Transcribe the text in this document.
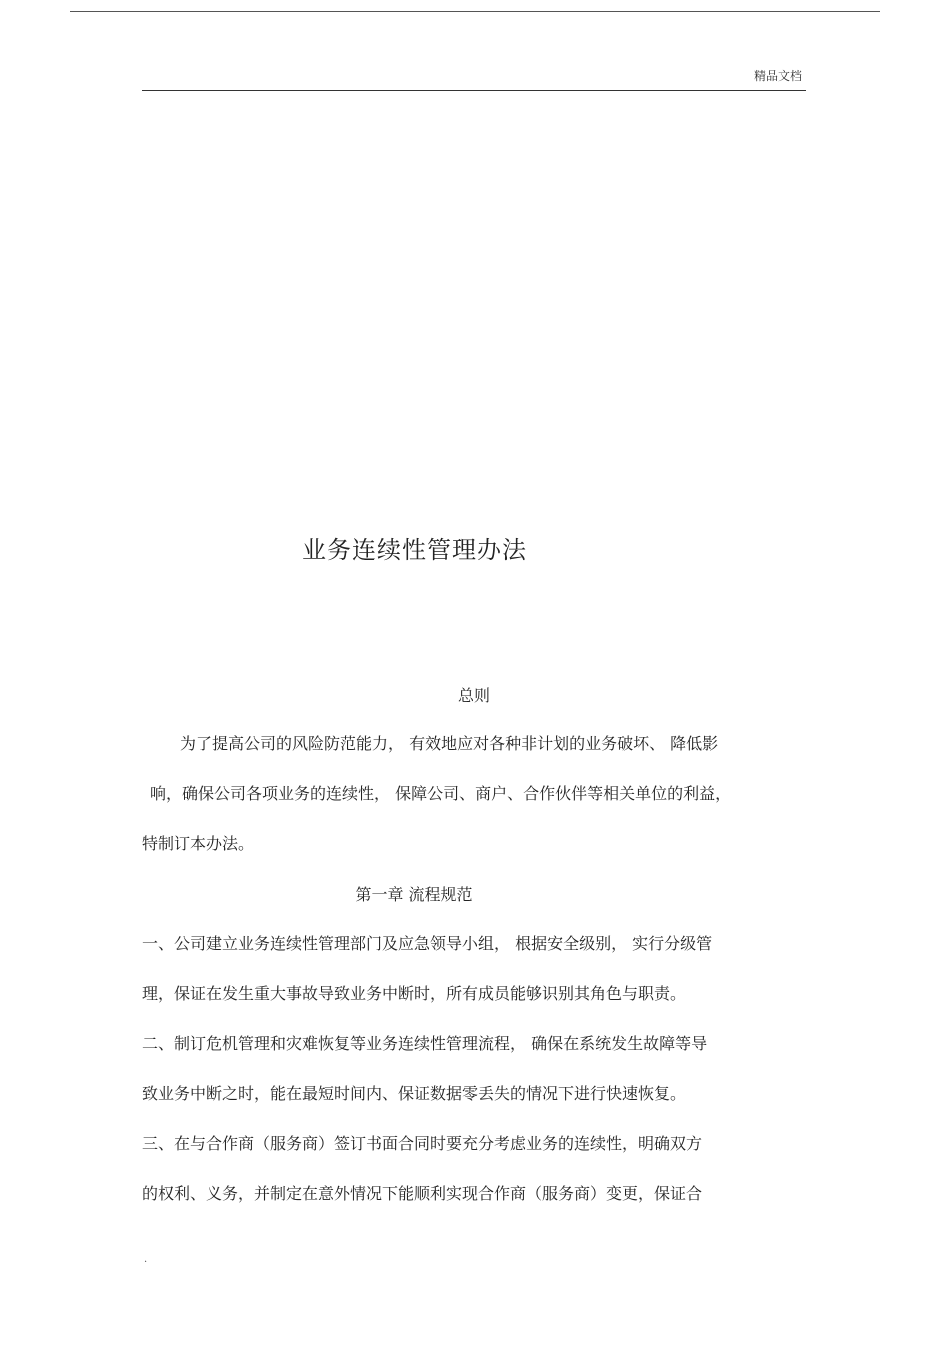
精品文档
业务连续性管理办法
总则
为了提高公司的风险防范能力， 有效地应对各种非计划的业务破坏、 降低影
响，确保公司各项业务的连续性， 保障公司、商户、合作伙伴等相关单位的利益，
特制订本办法。
第一章 流程规范
一、公司建立业务连续性管理部门及应急领导小组， 根据安全级别， 实行分级管
理，保证在发生重大事故导致业务中断时，所有成员能够识别其角色与职责。
二、制订危机管理和灾难恢复等业务连续性管理流程， 确保在系统发生故障等导
致业务中断之时，能在最短时间内、保证数据零丢失的情况下进行快速恢复。
三、在与合作商（服务商）签订书面合同时要充分考虑业务的连续性，明确双方
的权利、义务，并制定在意外情况下能顺利实现合作商（服务商）变更，保证合
.
